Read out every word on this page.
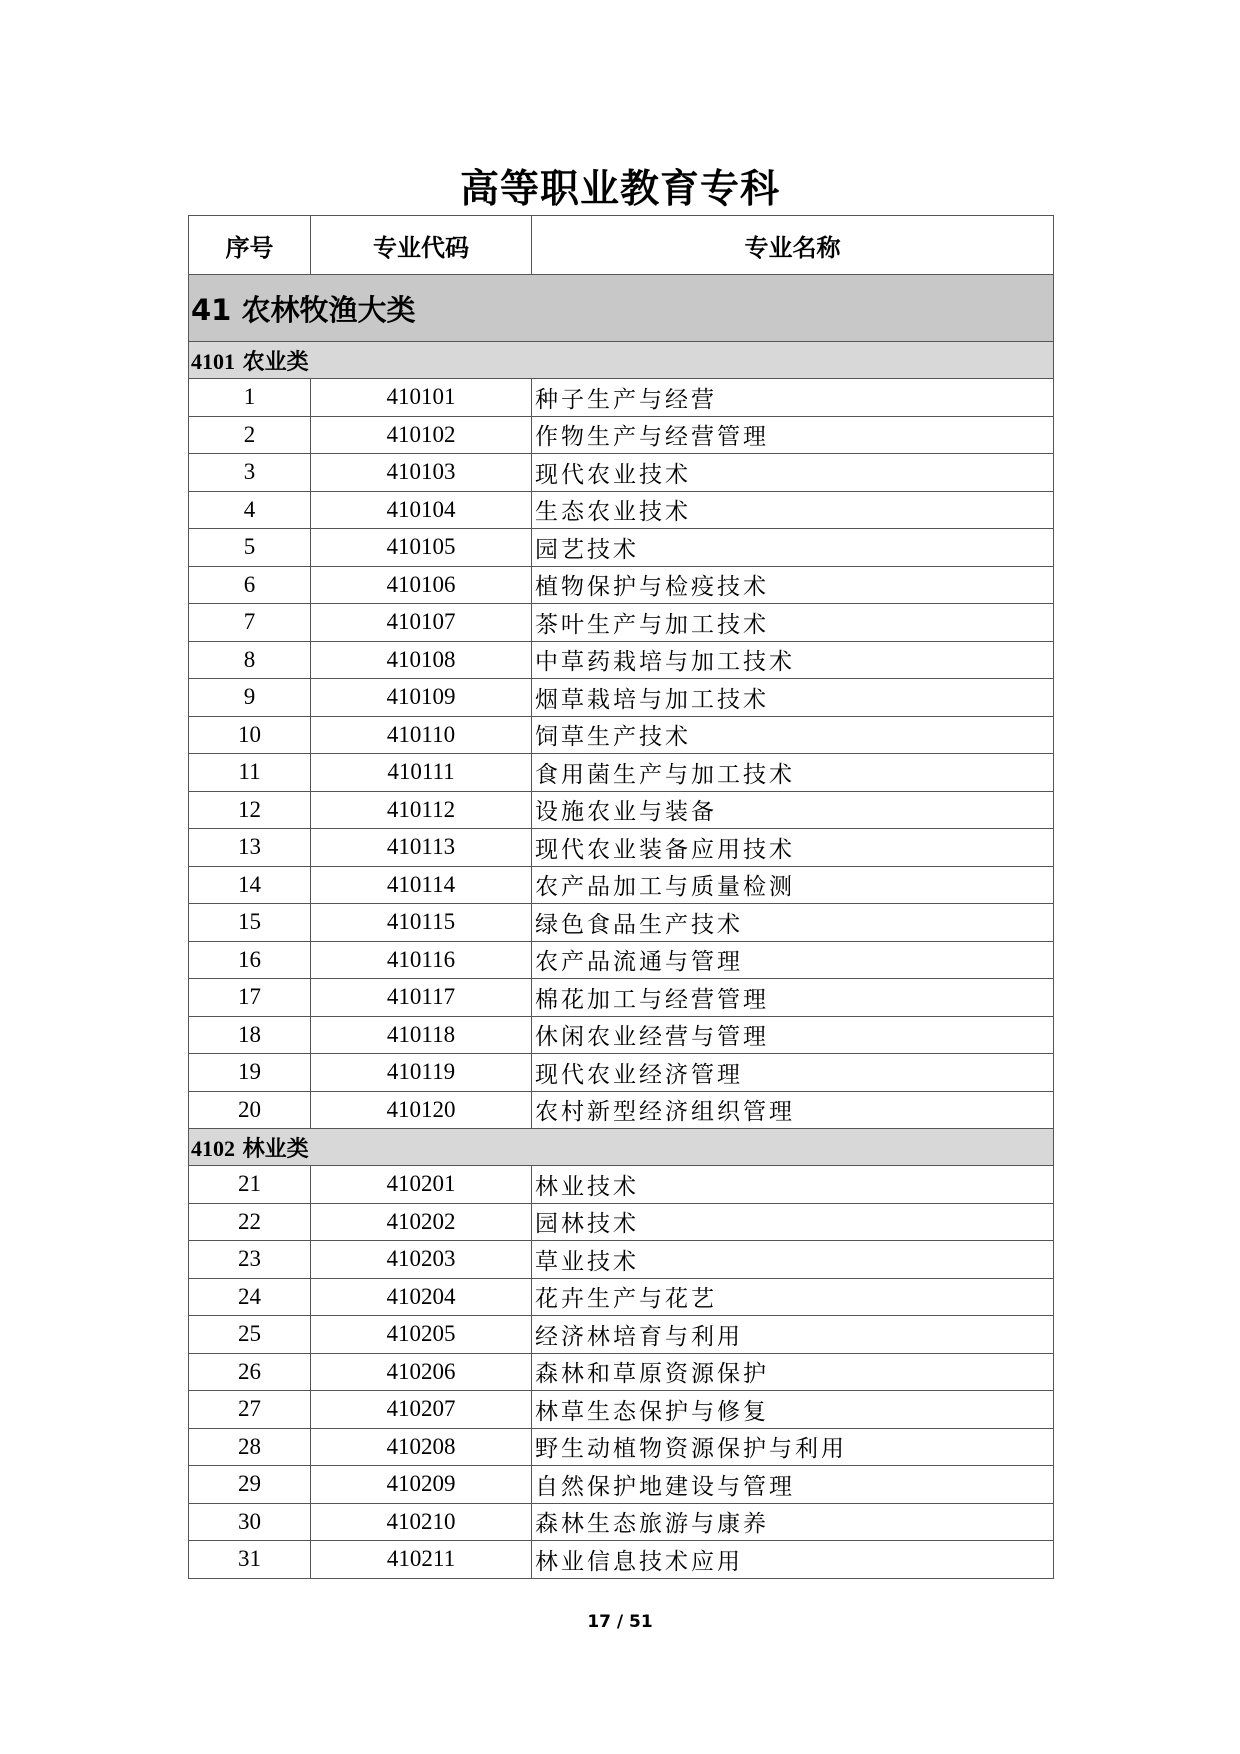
高等职业教育专科
序号	专业代码	专业名称
41 农林牧渔大类		
4101 农业类		
1	410101	种子生产与经营
2	410102	作物生产与经营管理
3	410103	现代农业技术
4	410104	生态农业技术
5	410105	园艺技术
6	410106	植物保护与检疫技术
7	410107	茶叶生产与加工技术
8	410108	中草药栽培与加工技术
9	410109	烟草栽培与加工技术
10	410110	饲草生产技术
11	410111	食用菌生产与加工技术
12	410112	设施农业与装备
13	410113	现代农业装备应用技术
14	410114	农产品加工与质量检测
15	410115	绿色食品生产技术
16	410116	农产品流通与管理
17	410117	棉花加工与经营管理
18	410118	休闲农业经营与管理
19	410119	现代农业经济管理
20	410120	农村新型经济组织管理
4102 林业类		
21	410201	林业技术
22	410202	园林技术
23	410203	草业技术
24	410204	花卉生产与花艺
25	410205	经济林培育与利用
26	410206	森林和草原资源保护
27	410207	林草生态保护与修复
28	410208	野生动植物资源保护与利用
29	410209	自然保护地建设与管理
30	410210	森林生态旅游与康养
31	410211	林业信息技术应用
17 / 51
